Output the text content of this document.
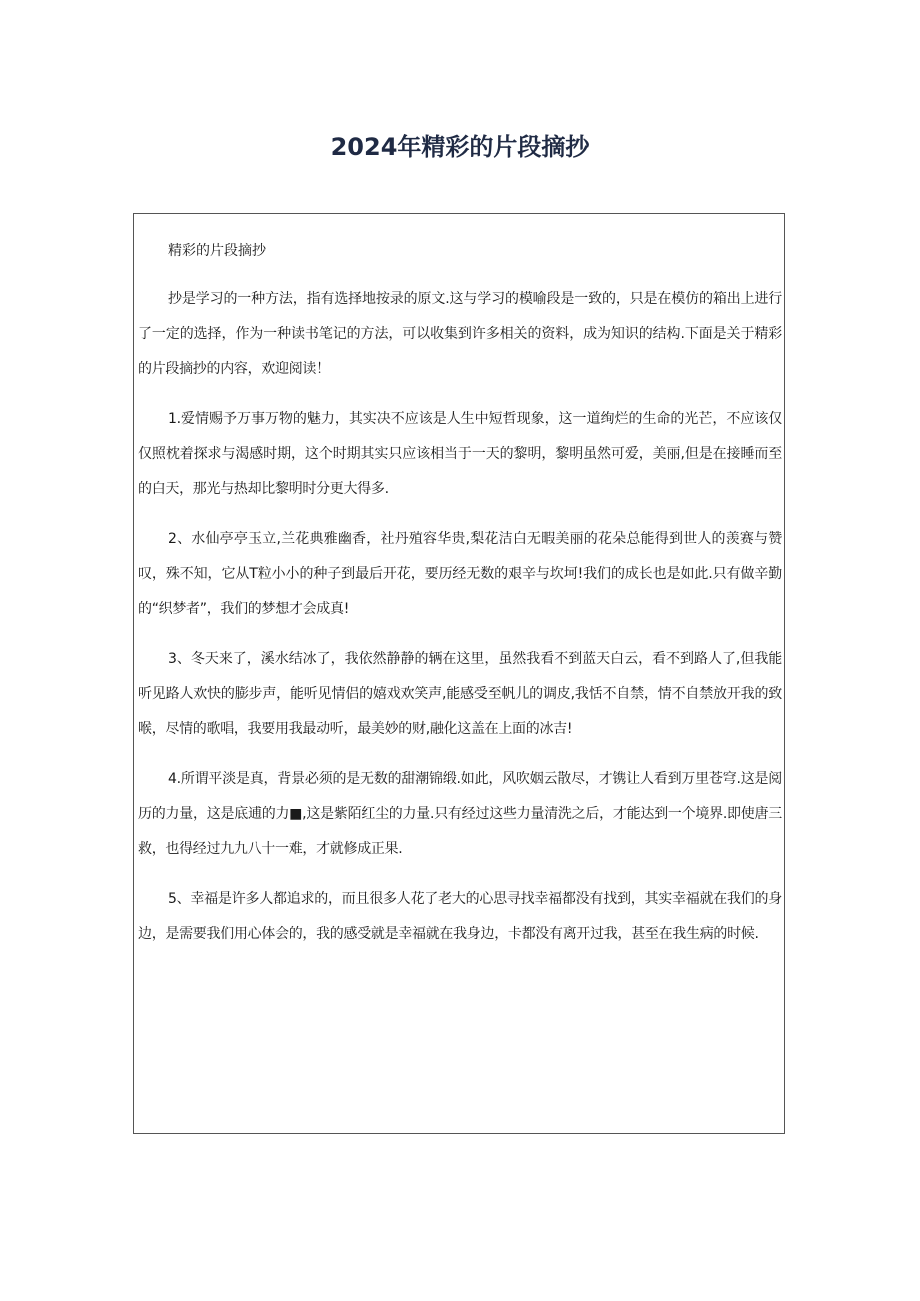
2024年精彩的片段摘抄

精彩的片段摘抄

抄是学习的一种方法，指有选择地按录的原文.这与学习的模喻段是一致的，只是在模仿的箱出上进行了一定的选择，作为一种读书笔记的方法，可以收集到许多相关的资料，成为知识的结构.下面是关于精彩的片段摘抄的内容，欢迎阅读！

1.爱情赐予万事万物的魅力，其实决不应该是人生中短哲现象，这一道绚烂的生命的光芒，不应该仅仅照枕着探求与渴感时期，这个时期其实只应该相当于一天的黎明，黎明虽然可爱，美丽,但是在接睡而至的白天，那光与热却比黎明时分更大得多.

2、水仙亭亭玉立,兰花典雅幽香，社丹殖容华贵,梨花洁白无暇美丽的花朵总能得到世人的羡赛与赞叹，殊不知，它从T粒小小的种子到最后开花，要历经无数的艰辛与坎坷!我们的成长也是如此.只有做辛勤的“织梦者”，我们的梦想才会成真!

3、冬天来了，溪水结冰了，我依然静静的辆在这里，虽然我看不到蓝天白云，看不到路人了,但我能听见路人欢快的膨步声，能听见情侣的嬉戏欢笑声,能感受至帆儿的调皮,我恬不自禁，情不自禁放开我的致喉，尽情的歌唱，我要用我最动听，最美妙的财,融化这盖在上面的冰吉!

4.所谓平淡是真，背景必须的是无数的甜潮锦缎.如此，风吹姻云散尽，才镌让人看到万里苍穹.这是阅历的力量，这是底逋的力■,这是紫陌红尘的力量.只有经过这些力量清洗之后，才能达到一个境界.即使唐三救，也得经过九九八十一难，才就修成正果.

5、幸福是许多人都追求的，而且很多人花了老大的心思寻找幸福都没有找到，其实幸福就在我们的身边，是需要我们用心体会的，我的感受就是幸福就在我身边，卡都没有离开过我，甚至在我生病的时候.
